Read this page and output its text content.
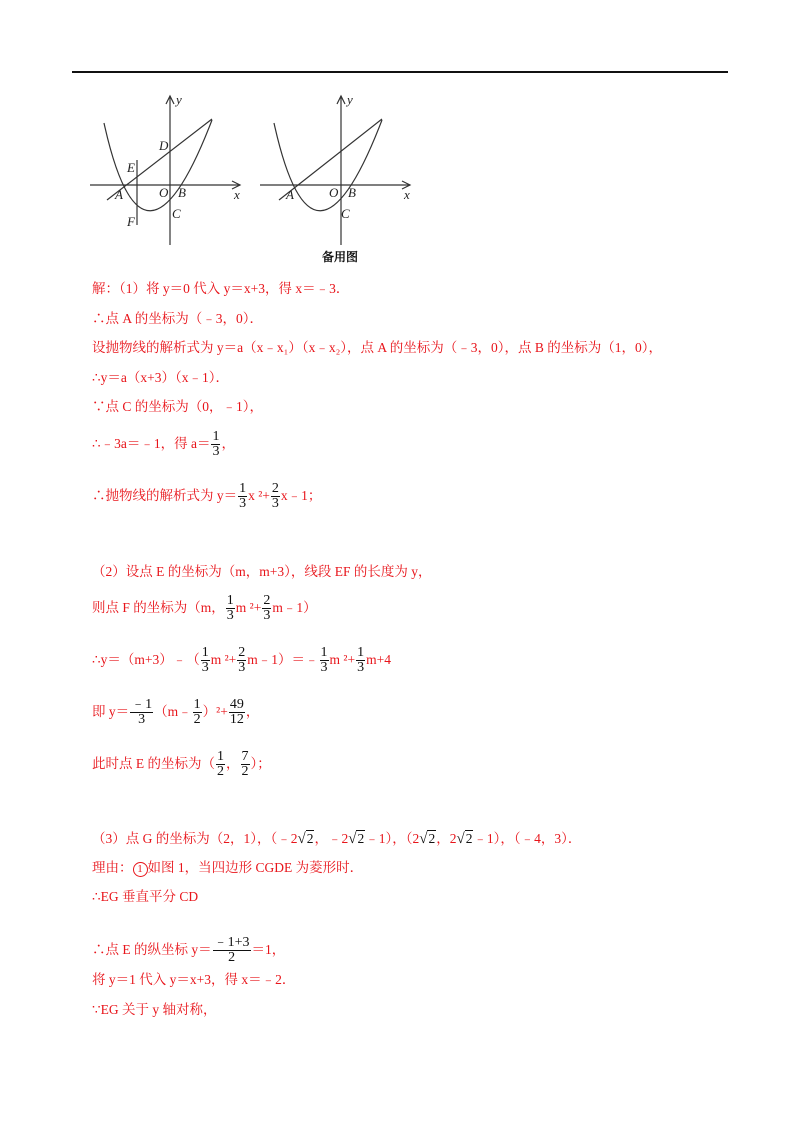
y
x
O
A	B
C
D
E
F
y
x
O
A	B
C
备用图
解：（1）将 y＝0 代入 y＝x+3，得 x＝﹣3．
∴点 A 的坐标为（﹣3，0）．
设抛物线的解析式为 y＝a（x﹣x₁）（x﹣x₂），点 A 的坐标为（﹣3，0），点 B 的坐标为（1，0），
∴y＝a（x+3）（x﹣1）．
∵点 C 的坐标为（0，﹣1），
∴﹣3a＝﹣1，得 $a= \frac{1}{3}$ ，
∴抛物线的解析式为 $y= \frac{1}{3}$ x $^2+ \frac{2}{3}$ x﹣1；
（2）设点 E 的坐标为（m，m+3），线段 EF 的长度为 y，
则点 F 的坐标为（m， $\frac{1}{3}$ m $^2+ \frac{2}{3}$ m﹣1）
∴y＝（m+3）﹣（ $\frac{1}{3}$ m $^2+ \frac{2}{3}$ m﹣1）＝﹣ $\frac{1}{3}$ m $^2+ \frac{1}{3} m+4$
即 $y= \frac{﹣1}{3}$ （m﹣ $\frac{1}{2} )^2+ \frac{49}{12}$ ，
此时点 E 的坐标为（ $\frac{1}{2}$ ， $\frac{7}{2}$ ）；
（3）点 G 的坐标为（2，1），（﹣2√2，﹣2√2﹣1），（2√2，2√2﹣1），（﹣4，3）．
理由： 1 如图 1，当四边形 CGDE 为菱形时．
∴EG 垂直平分 CD
∴点 E 的纵坐标 $y= \frac{﹣1+3}{2} =1$，
将 y＝1 代入 y＝x+3，得 x＝﹣2．
∵EG 关于 y 轴对称，
